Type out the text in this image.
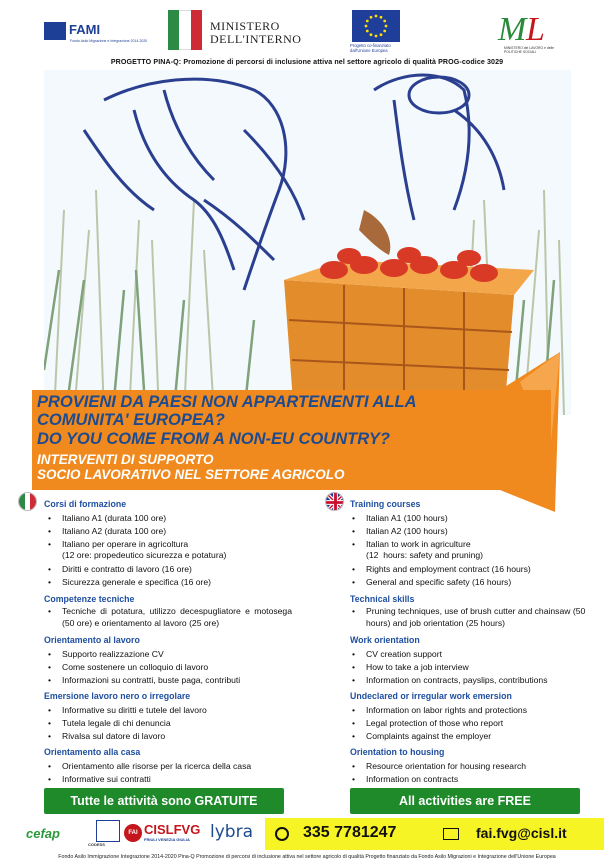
FAMI
Fondo Asilo Migrazione e Integrazione 2014-2020
MINISTERO
DELL'INTERNO	Progetto co-finanziato dall'Unione Europea
M L
MINISTERO del LAVORO e delle POLITICHE SOCIALI
PROGETTO PINA-Q: Promozione di percorsi di inclusione attiva nel settore agricolo di qualità PROG-codice 3029
PROVIENI DA PAESI NON APPARTENENTI ALLA
COMUNITA' EUROPEA?
DO YOU COME FROM A NON-EU COUNTRY?
INTERVENTI DI SUPPORTO
SOCIO LAVORATIVO NEL SETTORE AGRICOLO
Corsi di formazione
• Italiano A1 (durata 100 ore)
• Italiano A2 (durata 100 ore)
• Italiano per operare in agricoltura
(12 ore: propedeutico sicurezza e potatura)
• Diritti e contratto di lavoro (16 ore)
• Sicurezza generale e specifica (16 ore)
Competenze tecniche
• Tecniche di potatura, utilizzo decespugliatore e motosega (50 ore) e orientamento al lavoro (25 ore)
Orientamento al lavoro
• Supporto realizzazione CV
• Come sostenere un colloquio di lavoro
• Informazioni su contratti, buste paga, contributi
Emersione lavoro nero o irregolare
• Informative su diritti e tutele del lavoro
• Tutela legale di chi denuncia
• Rivalsa sul datore di lavoro
Orientamento alla casa
• Orientamento alle risorse per la ricerca della casa
• Informative sui contratti
Training courses
• Italian A1 (100 hours)
• Italian A2 (100 hours)
• Italian to work in agriculture
(12  hours: safety and pruning)
• Rights and employment contract (16 hours)
• General and specific safety (16 hours)
Technical skills
• Pruning techniques, use of brush cutter and chainsaw (50 hours) and job orientation (25 hours)
Work orientation
• CV creation support
• How to take a job interview
• Information on contracts, payslips, contributions
Undeclared or irregular work emersion
• Information on labor rights and protections
• Legal protection of those who report
• Complaints against the employer
Orientation to housing
• Resource orientation for housing research
• Information on contracts
Tutte le attività sono GRATUITE	All activities are FREE
cefap
CODESS
FAI CISLFVG
FRIULI VENEZIA GIULIA lybra	335 7781247	fai.fvg@cisl.it
Fondo Asilo Immigrazione Integrazione 2014-2020 Pina-Q Promozione di percorsi di inclusione attiva nel settore agricolo di qualità Progetto finanziato da Fondo Asilo Migrazioni e Integrazione dell'Unione Europea
